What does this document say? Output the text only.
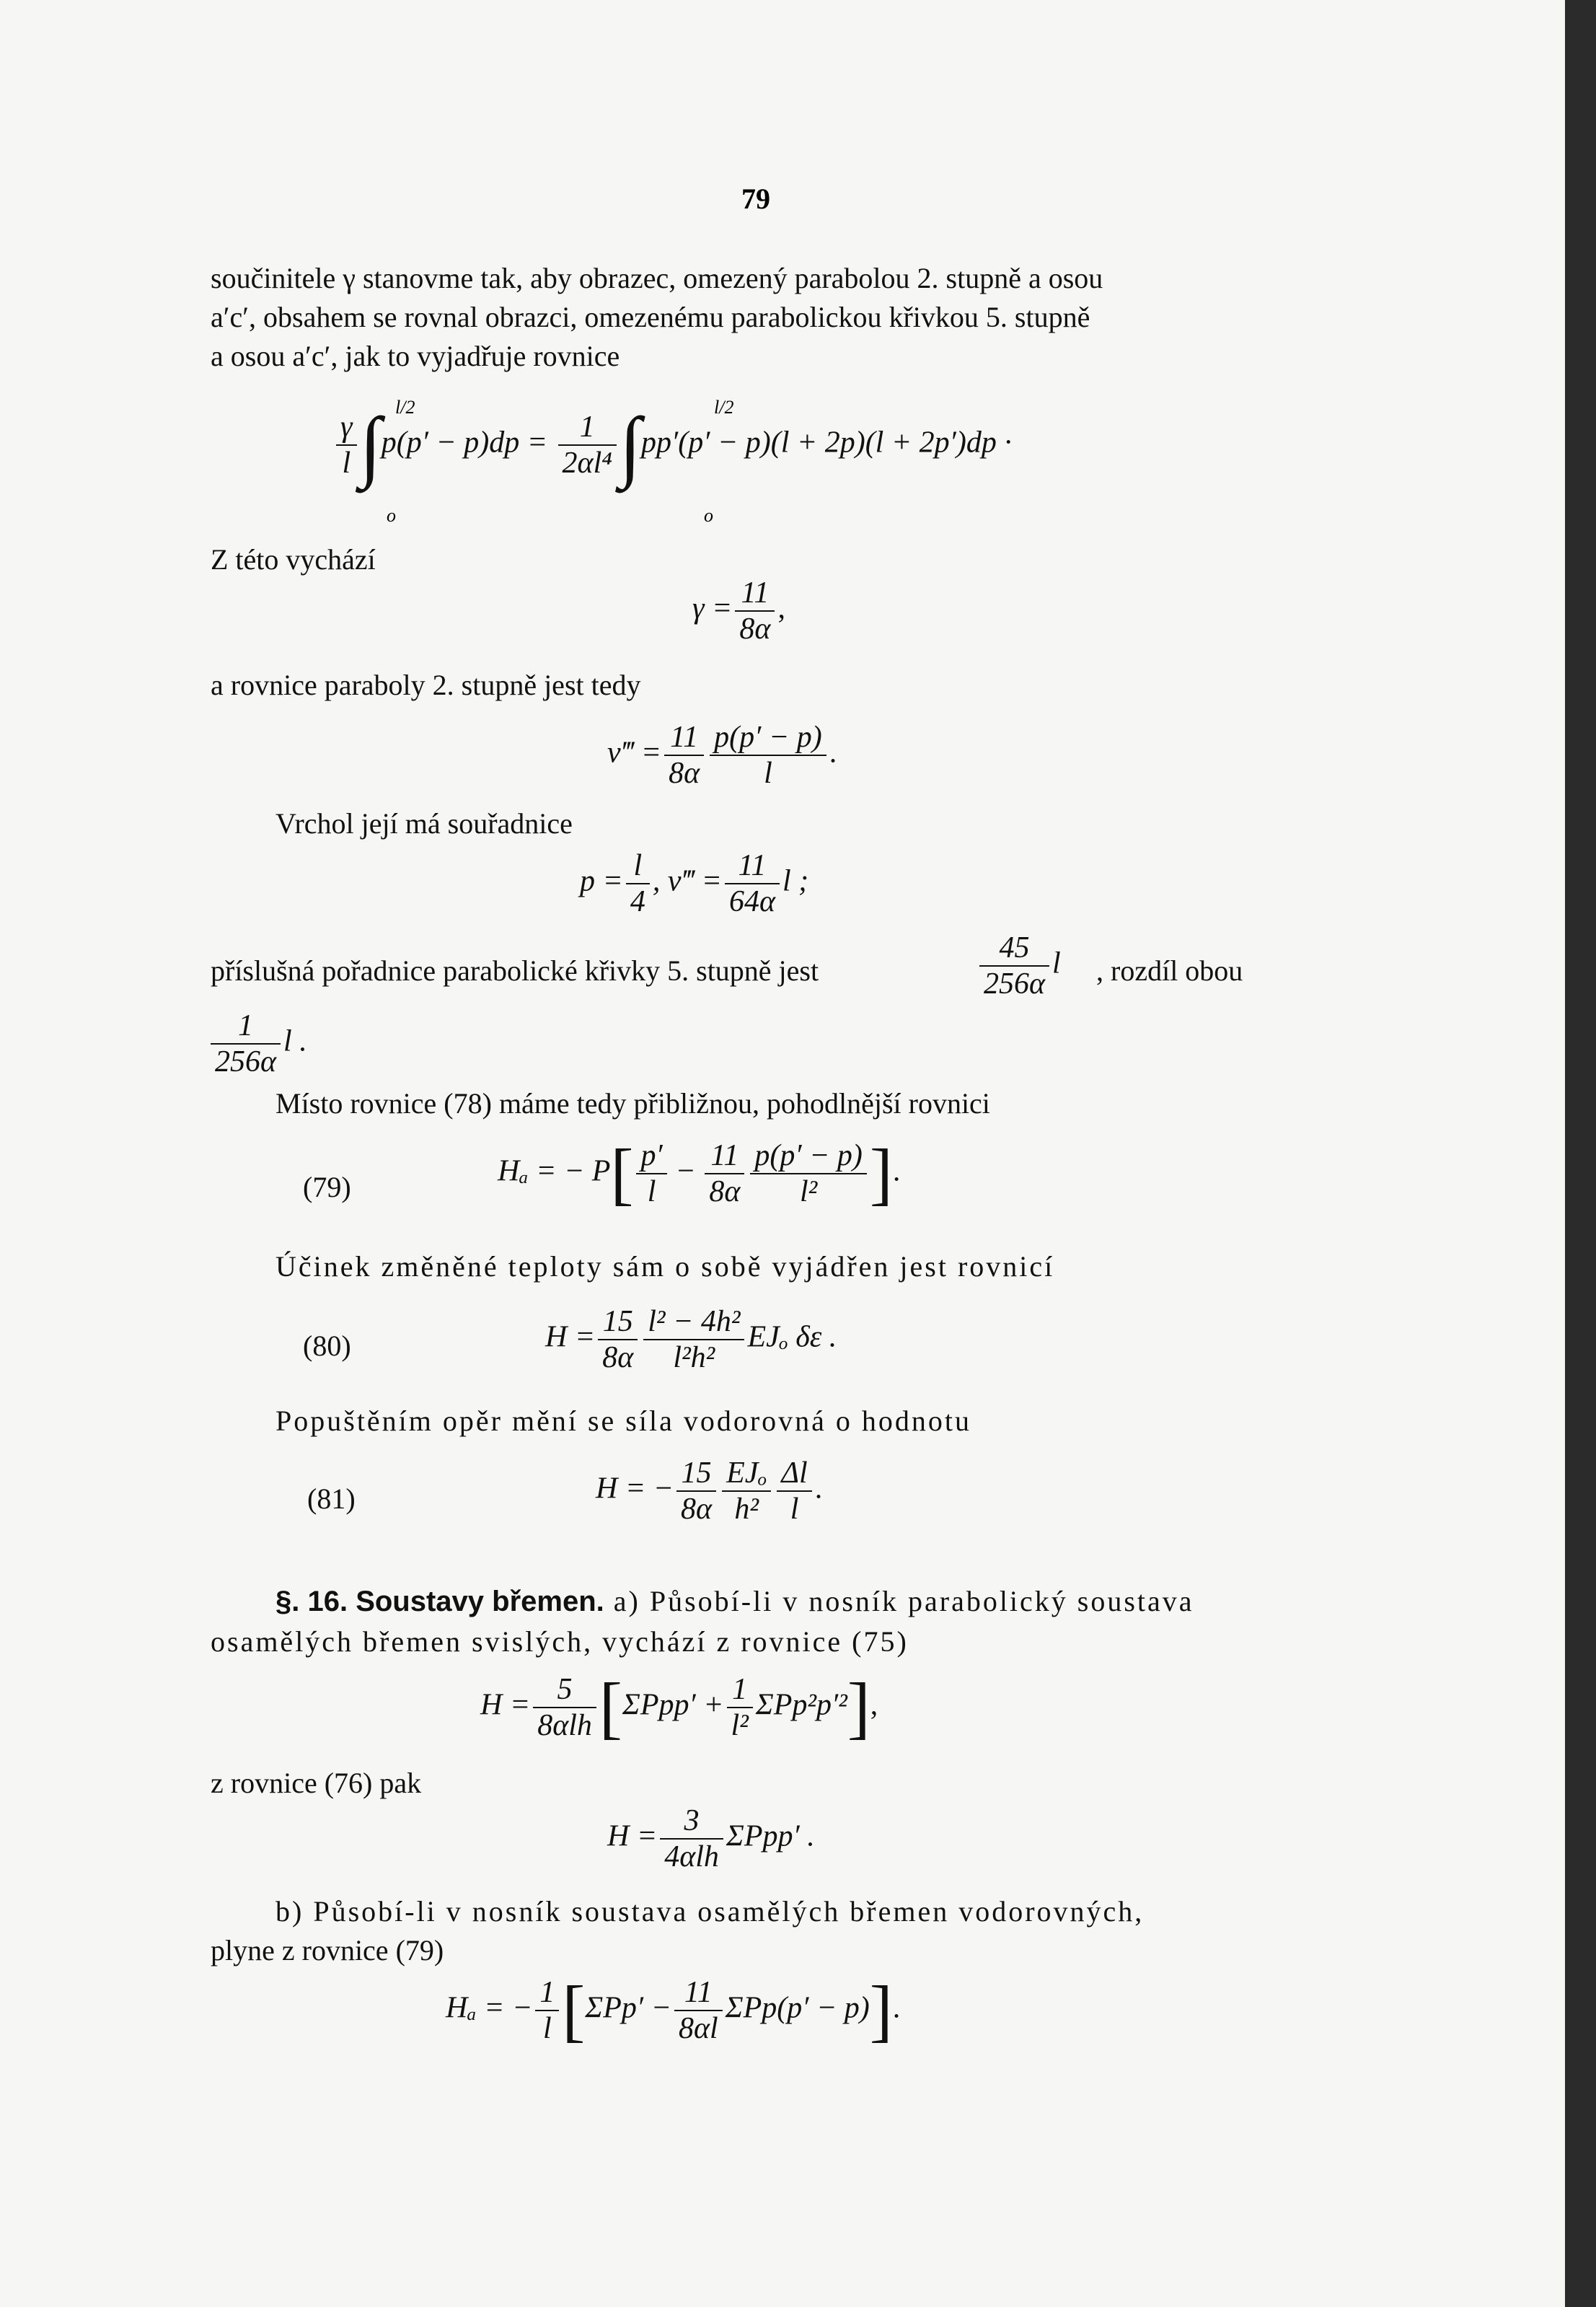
79
součinitele γ stanovme tak, aby obrazec, omezený parabolou 2. stupně a osou
a′c′, obsahem se rovnal obrazci, omezenému parabolickou křivkou 5. stupně
a osou a′c′, jak to vyjadřuje rovnice
$\frac{\gamma}{l} \int p(p' - p)dp = \frac{1}{\text{2αl⁴}} \int pp'(p' - p)(l + 2p)(l + 2p')dp$ ·
l/2
o
l/2
o
Z této vychází
$\gamma = \frac{11}{8\alpha}$ ,
a rovnice paraboly 2. stupně jest tedy
v‴ = $\frac{11}{8\alpha} \frac{p(p' - p)}{l}$ .
Vrchol její má souřadnice
$p = \frac{l}{4}$ , v‴ = $\frac{11}{64\alpha}$ l ;
příslušná pořadnice parabolické křivky 5. stupně jest	$\frac{45}{256\alpha}$ l , rozdíl obou
$\frac{1}{256\alpha}$ l .
Místo rovnice (78) máme tedy přibližnou, pohodlnější rovnici
(79)	Hₐ = − $P[ \frac{p'}{l} - \frac{11}{8\alpha} \frac{p(p' - p)}{\text{l²}}$ ].
Účinek změněné teploty sám o sobě vyjádřen jest rovnicí
(80)	$H = \frac{15}{8\alpha} \frac{\text{l² − 4h²}}{\text{l²h²}}$ EJₒ δε .
Popuštěním opěr mění se síla vodorovná o hodnotu
(81)	H = − $\frac{15}{8\alpha} \frac{\text{EJₒ}}{\text{h²}} \frac{\Delta l}{l}$ .
§. 16. Soustavy břemen. a) Působí-li v nosník parabolický soustava
osamělých břemen svislých, vychází z rovnice (75)
$H = \frac{5}{\text{8αlh}} [\Sigma Ppp' + \frac{1}{\text{l²}} \Sigma Pp^2p'^2]$,
z rovnice (76) pak
$H = \frac{3}{\text{4αlh}} \Sigma Ppp'$ .
b) Působí-li v nosník soustava osamělých břemen vodorovných,
plyne z rovnice (79)
Hₐ = − $\frac{1}{l} [\Sigma Pp' - \frac{11}{8\alpha l} \Sigma Pp(p' - p)]$.
